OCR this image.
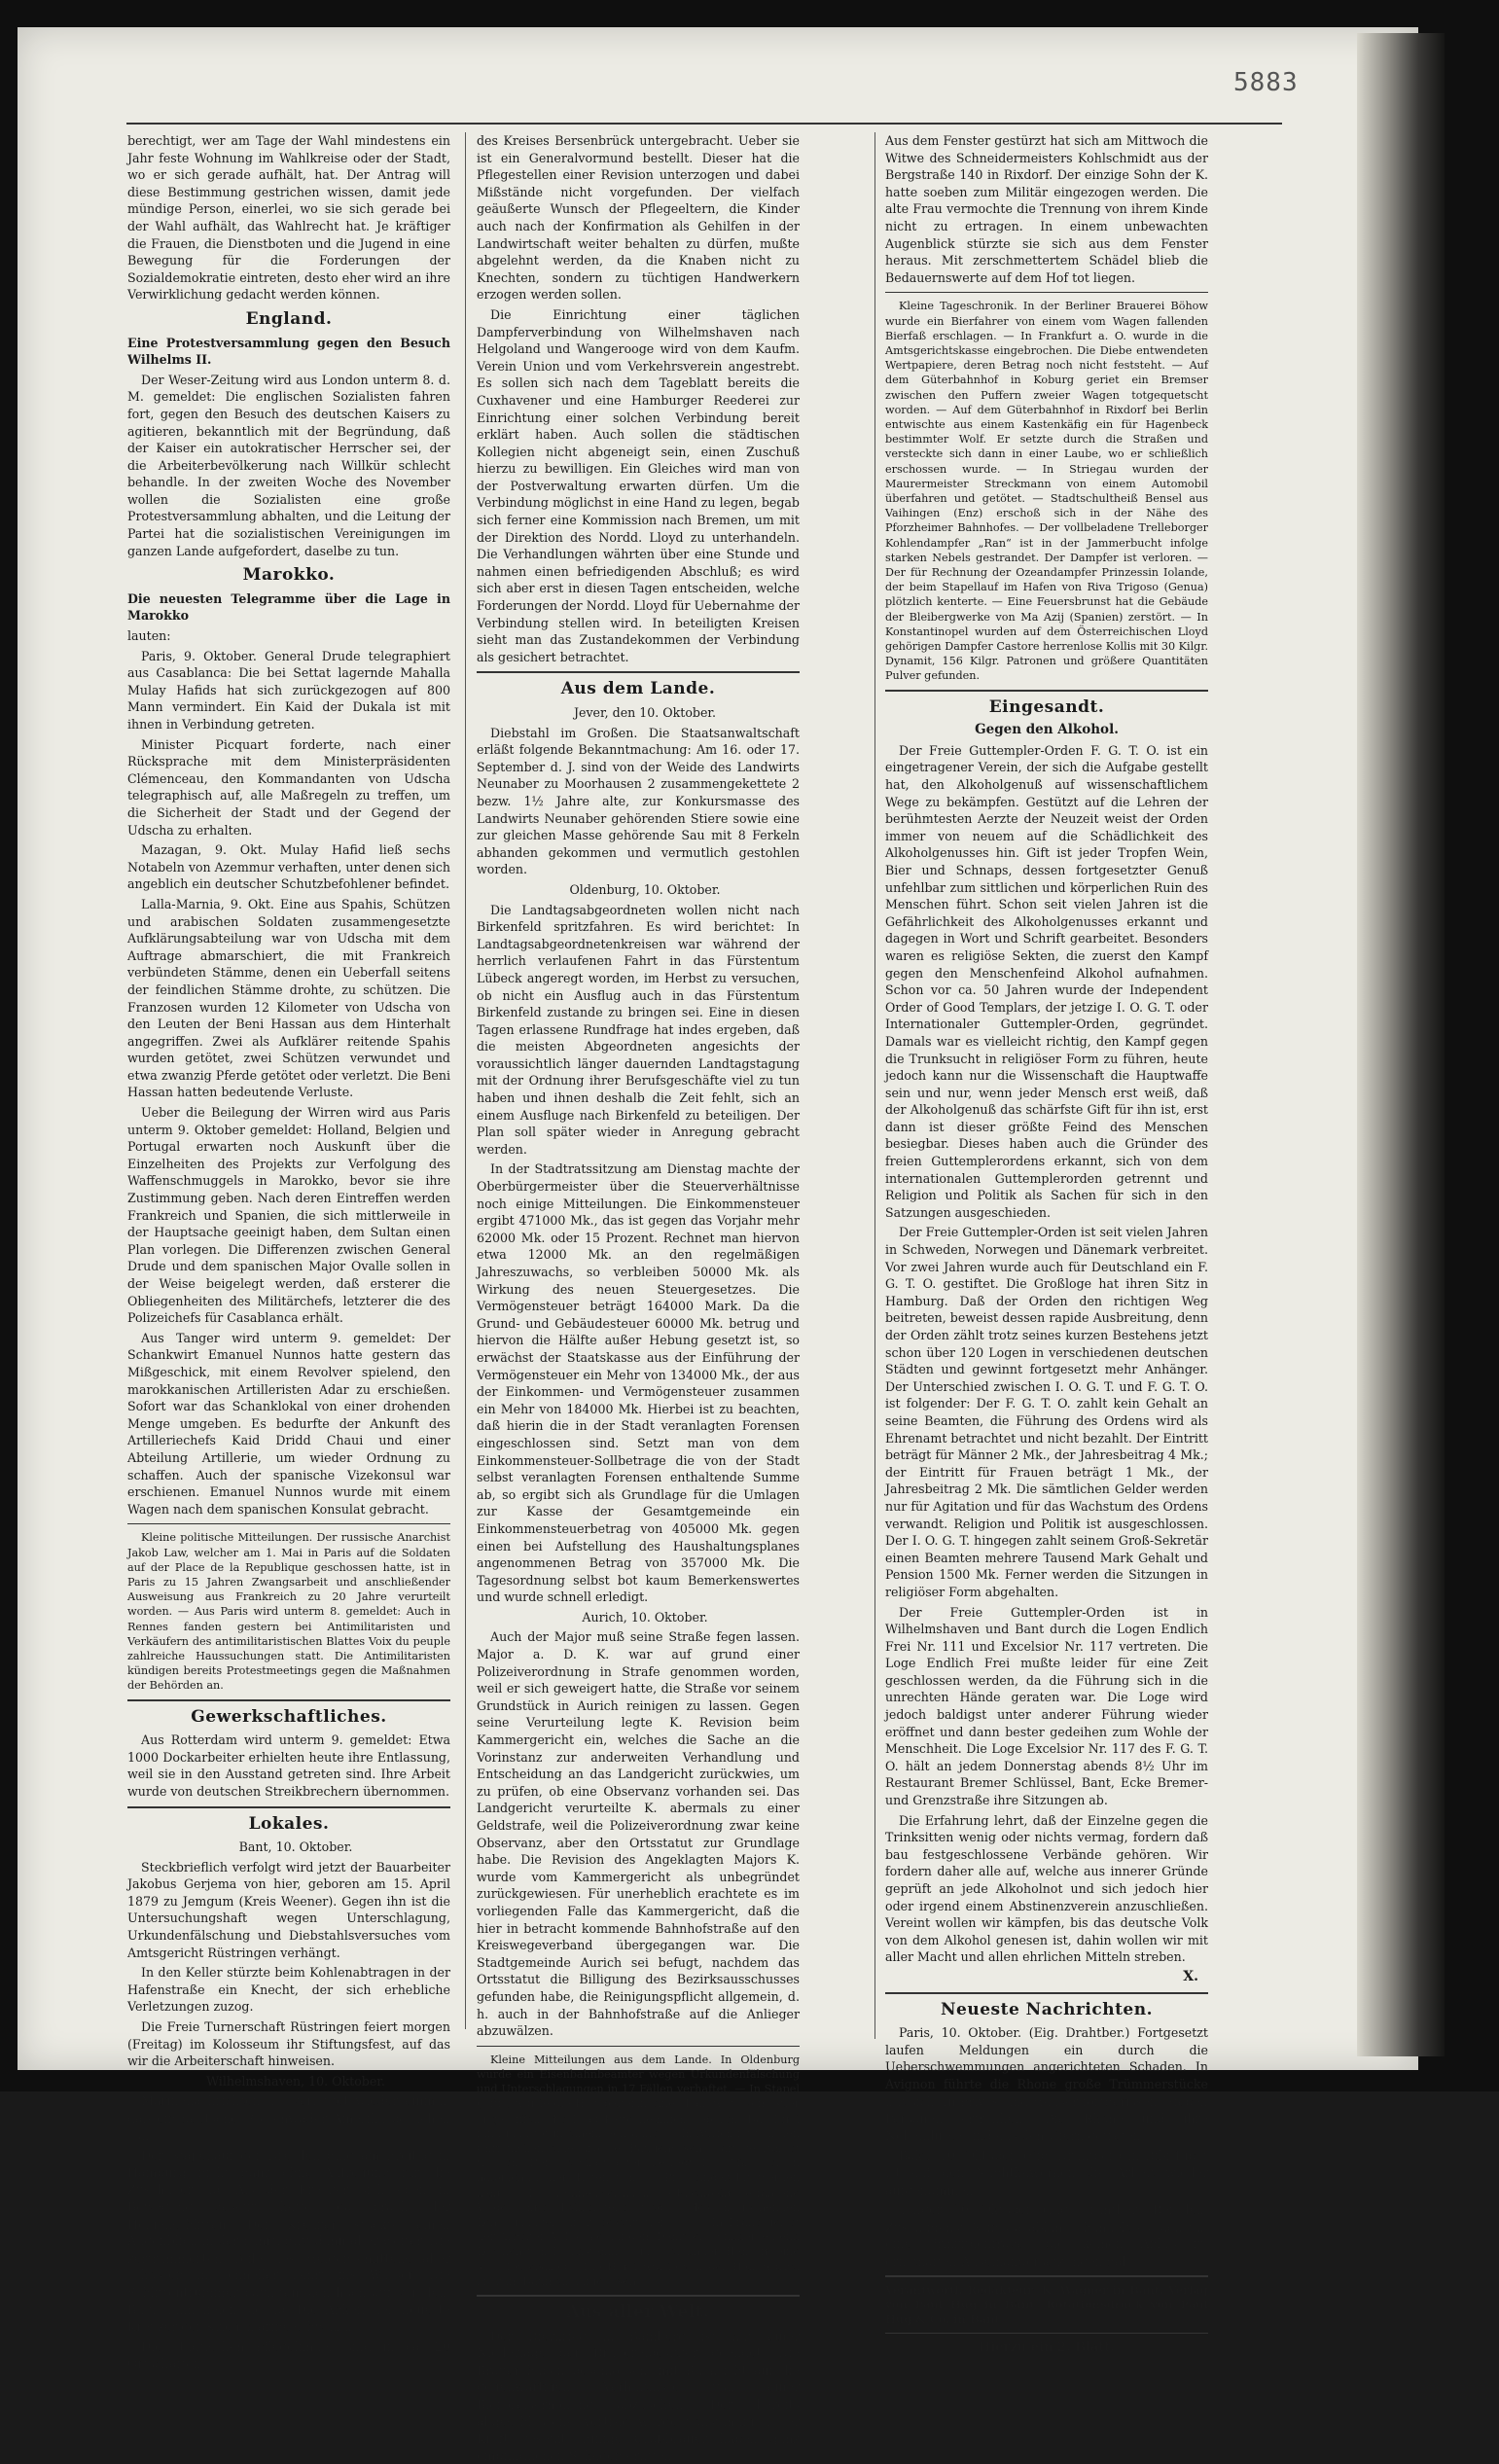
5883

berechtigt, wer am Tage der Wahl mindestens ein Jahr feste Wohnung im Wahlkreise oder der Stadt, wo er sich gerade aufhält, hat. Der Antrag will diese Bestimmung gestrichen wissen, damit jede mündige Person, einerlei, wo sie sich gerade bei der Wahl aufhält, das Wahlrecht hat. Je kräftiger die Frauen, die Dienstboten und die Jugend in eine Bewegung für die Forderungen der Sozialdemokratie eintreten, desto eher wird an ihre Verwirklichung gedacht werden können.

England.

Eine Protestversammlung gegen den Besuch Wilhelms II.

Der Weser-Zeitung wird aus London unterm 8. d. M. gemeldet: Die englischen Sozialisten fahren fort, gegen den Besuch des deutschen Kaisers zu agitieren, bekanntlich mit der Begründung, daß der Kaiser ein autokratischer Herrscher sei, der die Arbeiterbevölkerung nach Willkür schlecht behandle. In der zweiten Woche des November wollen die Sozialisten eine große Protestversammlung abhalten, und die Leitung der Partei hat die sozialistischen Vereinigungen im ganzen Lande aufgefordert, daselbe zu tun.

Marokko.

Die neuesten Telegramme über die Lage in Marokko

lauten:

Paris, 9. Oktober. General Drude telegraphiert aus Casablanca: Die bei Settat lagernde Mahalla Mulay Hafids hat sich zurückgezogen auf 800 Mann vermindert. Ein Kaid der Dukala ist mit ihnen in Verbindung getreten.

Minister Picquart forderte, nach einer Rücksprache mit dem Ministerpräsidenten Clémenceau, den Kommandanten von Udscha telegraphisch auf, alle Maßregeln zu treffen, um die Sicherheit der Stadt und der Gegend der Udscha zu erhalten.

Mazagan, 9. Okt. Mulay Hafid ließ sechs Notabeln von Azemmur verhaften, unter denen sich angeblich ein deutscher Schutzbefohlener befindet.

Lalla-Marnia, 9. Okt. Eine aus Spahis, Schützen und arabischen Soldaten zusammengesetzte Aufklärungsabteilung war von Udscha mit dem Auftrage abmarschiert, die mit Frankreich verbündeten Stämme, denen ein Ueberfall seitens der feindlichen Stämme drohte, zu schützen. Die Franzosen wurden 12 Kilometer von Udscha von den Leuten der Beni Hassan aus dem Hinterhalt angegriffen. Zwei als Aufklärer reitende Spahis wurden getötet, zwei Schützen verwundet und etwa zwanzig Pferde getötet oder verletzt. Die Beni Hassan hatten bedeutende Verluste.

Ueber die Beilegung der Wirren wird aus Paris unterm 9. Oktober gemeldet: Holland, Belgien und Portugal erwarten noch Auskunft über die Einzelheiten des Projekts zur Verfolgung des Waffenschmuggels in Marokko, bevor sie ihre Zustimmung geben. Nach deren Eintreffen werden Frankreich und Spanien, die sich mittlerweile in der Hauptsache geeinigt haben, dem Sultan einen Plan vorlegen. Die Differenzen zwischen General Drude und dem spanischen Major Ovalle sollen in der Weise beigelegt werden, daß ersterer die Obliegenheiten des Militärchefs, letzterer die des Polizeichefs für Casablanca erhält.

Aus Tanger wird unterm 9. gemeldet: Der Schankwirt Emanuel Nunnos hatte gestern das Mißgeschick, mit einem Revolver spielend, den marokkanischen Artilleristen Adar zu erschießen. Sofort war das Schanklokal von einer drohenden Menge umgeben. Es bedurfte der Ankunft des Artilleriechefs Kaid Dridd Chaui und einer Abteilung Artillerie, um wieder Ordnung zu schaffen. Auch der spanische Vizekonsul war erschienen. Emanuel Nunnos wurde mit einem Wagen nach dem spanischen Konsulat gebracht.

Kleine politische Mitteilungen. Der russische Anarchist Jakob Law, welcher am 1. Mai in Paris auf die Soldaten auf der Place de la Republique geschossen hatte, ist in Paris zu 15 Jahren Zwangsarbeit und anschließender Ausweisung aus Frankreich zu 20 Jahre verurteilt worden. — Aus Paris wird unterm 8. gemeldet: Auch in Rennes fanden gestern bei Antimilitaristen und Verkäufern des antimilitaristischen Blattes Voix du peuple zahlreiche Haussuchungen statt. Die Antimilitaristen kündigen bereits Protestmeetings gegen die Maßnahmen der Behörden an.

Gewerkschaftliches.

Aus Rotterdam wird unterm 9. gemeldet: Etwa 1000 Dockarbeiter erhielten heute ihre Entlassung, weil sie in den Ausstand getreten sind. Ihre Arbeit wurde von deutschen Streikbrechern übernommen.

Lokales.

Bant, 10. Oktober.

Steckbrieflich verfolgt wird jetzt der Bauarbeiter Jakobus Gerjema von hier, geboren am 15. April 1879 zu Jemgum (Kreis Weener). Gegen ihn ist die Untersuchungshaft wegen Unterschlagung, Urkundenfälschung und Diebstahlsversuches vom Amtsgericht Rüstringen verhängt.

In den Keller stürzte beim Kohlenabtragen in der Hafenstraße ein Knecht, der sich erhebliche Verletzungen zuzog.

Die Freie Turnerschaft Rüstringen feiert morgen (Freitag) im Kolosseum ihr Stiftungsfest, auf das wir die Arbeiterschaft hinweisen.

Wilhelmshaven, 10. Oktober.

Marinenachrichten. Es verlautet wieder einmal, daß ein deutsches Geschwader Amerika besuchen soll.

Der Stapellauf der Dresden ging am Freitag in Hamburg nicht ganz ohne Aufregung für die Zuschauer ab. Als der Kreuzer sich eben in Bewegung gesetzt hatte, da brach der Helgenschlitten. Der Kreuzer stockte einen Augenblick in der Fahrt, glitt dann aber weiter. Die zertrümmerten Teile des Helgenschlittens aber schossen in schneller Fahrt ins Wasser. Die Schlittentrümmer bäumten sich hoch auf vor dem Bug, dann fielen sie ab. Die Anker, der neueste Kreuzer der Kriegsmarine schwamm.

Die städtischen Pflegekinder sind in ca. 20 Ortschaften

des Kreises Bersenbrück untergebracht. Ueber sie ist ein Generalvormund bestellt. Dieser hat die Pflegestellen einer Revision unterzogen und dabei Mißstände nicht vorgefunden. Der vielfach geäußerte Wunsch der Pflegeeltern, die Kinder auch nach der Konfirmation als Gehilfen in der Landwirtschaft weiter behalten zu dürfen, mußte abgelehnt werden, da die Knaben nicht zu Knechten, sondern zu tüchtigen Handwerkern erzogen werden sollen.

Die Einrichtung einer täglichen Dampferverbindung von Wilhelmshaven nach Helgoland und Wangerooge wird von dem Kaufm. Verein Union und vom Verkehrsverein angestrebt. Es sollen sich nach dem Tageblatt bereits die Cuxhavener und eine Hamburger Reederei zur Einrichtung einer solchen Verbindung bereit erklärt haben. Auch sollen die städtischen Kollegien nicht abgeneigt sein, einen Zuschuß hierzu zu bewilligen. Ein Gleiches wird man von der Postverwaltung erwarten dürfen. Um die Verbindung möglichst in eine Hand zu legen, begab sich ferner eine Kommission nach Bremen, um mit der Direktion des Nordd. Lloyd zu unterhandeln. Die Verhandlungen währten über eine Stunde und nahmen einen befriedigenden Abschluß; es wird sich aber erst in diesen Tagen entscheiden, welche Forderungen der Nordd. Lloyd für Uebernahme der Verbindung stellen wird. In beteiligten Kreisen sieht man das Zustandekommen der Verbindung als gesichert betrachtet.

Aus dem Lande.

Jever, den 10. Oktober.

Diebstahl im Großen. Die Staatsanwaltschaft erläßt folgende Bekanntmachung: Am 16. oder 17. September d. J. sind von der Weide des Landwirts Neunaber zu Moorhausen 2 zusammengekettete 2 bezw. 1½ Jahre alte, zur Konkursmasse des Landwirts Neunaber gehörenden Stiere sowie eine zur gleichen Masse gehörende Sau mit 8 Ferkeln abhanden gekommen und vermutlich gestohlen worden.

Oldenburg, 10. Oktober.

Die Landtagsabgeordneten wollen nicht nach Birkenfeld spritzfahren. Es wird berichtet: In Landtagsabgeordnetenkreisen war während der herrlich verlaufenen Fahrt in das Fürstentum Lübeck angeregt worden, im Herbst zu versuchen, ob nicht ein Ausflug auch in das Fürstentum Birkenfeld zustande zu bringen sei. Eine in diesen Tagen erlassene Rundfrage hat indes ergeben, daß die meisten Abgeordneten angesichts der voraussichtlich länger dauernden Landtagstagung mit der Ordnung ihrer Berufsgeschäfte viel zu tun haben und ihnen deshalb die Zeit fehlt, sich an einem Ausfluge nach Birkenfeld zu beteiligen. Der Plan soll später wieder in Anregung gebracht werden.

In der Stadtratssitzung am Dienstag machte der Oberbürgermeister über die Steuerverhältnisse noch einige Mitteilungen. Die Einkommensteuer ergibt 471000 Mk., das ist gegen das Vorjahr mehr 62000 Mk. oder 15 Prozent. Rechnet man hiervon etwa 12000 Mk. an den regelmäßigen Jahreszuwachs, so verbleiben 50000 Mk. als Wirkung des neuen Steuergesetzes. Die Vermögensteuer beträgt 164000 Mark. Da die Grund- und Gebäudesteuer 60000 Mk. betrug und hiervon die Hälfte außer Hebung gesetzt ist, so erwächst der Staatskasse aus der Einführung der Vermögensteuer ein Mehr von 134000 Mk., der aus der Einkommen- und Vermögensteuer zusammen ein Mehr von 184000 Mk. Hierbei ist zu beachten, daß hierin die in der Stadt veranlagten Forensen eingeschlossen sind. Setzt man von dem Einkommensteuer-Sollbetrage die von der Stadt selbst veranlagten Forensen enthaltende Summe ab, so ergibt sich als Grundlage für die Umlagen zur Kasse der Gesamtgemeinde ein Einkommensteuerbetrag von 405000 Mk. gegen einen bei Aufstellung des Haushaltungsplanes angenommenen Betrag von 357000 Mk. Die Tagesordnung selbst bot kaum Bemerkenswertes und wurde schnell erledigt.

Aurich, 10. Oktober.

Auch der Major muß seine Straße fegen lassen. Major a. D. K. war auf grund einer Polizeiverordnung in Strafe genommen worden, weil er sich geweigert hatte, die Straße vor seinem Grundstück in Aurich reinigen zu lassen. Gegen seine Verurteilung legte K. Revision beim Kammergericht ein, welches die Sache an die Vorinstanz zur anderweiten Verhandlung und Entscheidung an das Landgericht zurückwies, um zu prüfen, ob eine Observanz vorhanden sei. Das Landgericht verurteilte K. abermals zu einer Geldstrafe, weil die Polizeiverordnung zwar keine Observanz, aber den Ortsstatut zur Grundlage habe. Die Revision des Angeklagten Majors K. wurde vom Kammergericht als unbegründet zurückgewiesen. Für unerheblich erachtete es im vorliegenden Falle das Kammergericht, daß die hier in betracht kommende Bahnhofstraße auf den Kreiswegeverband übergegangen war. Die Stadtgemeinde Aurich sei befugt, nachdem das Ortsstatut die Billigung des Bezirksausschusses gefunden habe, die Reinigungspflicht allgemein, d. h. auch in der Bahnhofstraße auf die Anlieger abzuwälzen.

Kleine Mitteilungen aus dem Lande. In Oldenburg wurde ein Eisenbahnbeamter wegen Urkundenfälschung und Unterschlagungen in 17 Fällen verhaftet. — In Stapel (Oftr.) wurde die Hausbälterin eines Landwirts vom Stier angegriffen, die Frau hatte heimlich geboren. Das Kind fand man tot in einem Schranke. — In Aurich ist von den Christlichen eine Arbeiter-Baugenossenschaft gegründet worden. Der Geschäftsanteil beträgt 100 Mk., der in halbmonatlichen Raten von 50 Pfg. eingezahlt werden kann. — In Carolinensiel kann die Eisenbahn verfahrene Wege ohne Lehrerstelle wegen des herrschenden Lehrermangels nicht besetzt werden. — In Brake geriet der Arbeiter A. Loerke auf dem Dampfer Commerce beim Löschen von Baumstämmen mit der linken Hand in eine sog. Teufelsklaue. Die Hand wurde von der Handwurzel bis zum Daumen aufgerissen.

Aus aller Welt.

Der Bierkrieg in Bamberg ist mit einer Niederlage der Brauereibesitzer geendet. Die Brauer haben beschlossen, mit Rücksicht auf die gegenwärtigen Verhältnisse von einer Bierpreiserhöhung abzusehen. Der bereits abgeschlossene Vertrag wurde vollständig außer Kraft gesetzt. Einige Großbrauer haben ganz empfindlichen Schaden erlitten.

Aus dem Fenster gestürzt hat sich am Mittwoch die Witwe des Schneidermeisters Kohlschmidt aus der Bergstraße 140 in Rixdorf. Der einzige Sohn der K. hatte soeben zum Militär eingezogen werden. Die alte Frau vermochte die Trennung von ihrem Kinde nicht zu ertragen. In einem unbewachten Augenblick stürzte sie sich aus dem Fenster heraus. Mit zerschmettertem Schädel blieb die Bedauernswerte auf dem Hof tot liegen.

Kleine Tageschronik. In der Berliner Brauerei Böhow wurde ein Bierfahrer von einem vom Wagen fallenden Bierfaß erschlagen. — In Frankfurt a. O. wurde in die Amtsgerichtskasse eingebrochen. Die Diebe entwendeten Wertpapiere, deren Betrag noch nicht feststeht. — Auf dem Güterbahnhof in Koburg geriet ein Bremser zwischen den Puffern zweier Wagen totgequetscht worden. — Auf dem Güterbahnhof in Rixdorf bei Berlin entwischte aus einem Kastenkäfig ein für Hagenbeck bestimmter Wolf. Er setzte durch die Straßen und versteckte sich dann in einer Laube, wo er schließlich erschossen wurde. — In Striegau wurden der Maurermeister Streckmann von einem Automobil überfahren und getötet. — Stadtschultheiß Bensel aus Vaihingen (Enz) erschoß sich in der Nähe des Pforzheimer Bahnhofes. — Der vollbeladene Trelleborger Kohlendampfer „Ran“ ist in der Jammerbucht infolge starken Nebels gestrandet. Der Dampfer ist verloren. — Der für Rechnung der Ozeandampfer Prinzessin Iolande, der beim Stapellauf im Hafen von Riva Trigoso (Genua) plötzlich kenterte. — Eine Feuersbrunst hat die Gebäude der Bleibergwerke von Ma Azij (Spanien) zerstört. — In Konstantinopel wurden auf dem Österreichischen Lloyd gehörigen Dampfer Castore herrenlose Kollis mit 30 Kilgr. Dynamit, 156 Kilgr. Patronen und größere Quantitäten Pulver gefunden.

Eingesandt.
Gegen den Alkohol.

Der Freie Guttempler-Orden F. G. T. O. ist ein eingetragener Verein, der sich die Aufgabe gestellt hat, den Alkoholgenuß auf wissenschaftlichem Wege zu bekämpfen. Gestützt auf die Lehren der berühmtesten Aerzte der Neuzeit weist der Orden immer von neuem auf die Schädlichkeit des Alkoholgenusses hin. Gift ist jeder Tropfen Wein, Bier und Schnaps, dessen fortgesetzter Genuß unfehlbar zum sittlichen und körperlichen Ruin des Menschen führt. Schon seit vielen Jahren ist die Gefährlichkeit des Alkoholgenusses erkannt und dagegen in Wort und Schrift gearbeitet. Besonders waren es religiöse Sekten, die zuerst den Kampf gegen den Menschenfeind Alkohol aufnahmen. Schon vor ca. 50 Jahren wurde der Independent Order of Good Templars, der jetzige I. O. G. T. oder Internationaler Guttempler-Orden, gegründet. Damals war es vielleicht richtig, den Kampf gegen die Trunksucht in religiöser Form zu führen, heute jedoch kann nur die Wissenschaft die Hauptwaffe sein und nur, wenn jeder Mensch erst weiß, daß der Alkoholgenuß das schärfste Gift für ihn ist, erst dann ist dieser größte Feind des Menschen besiegbar. Dieses haben auch die Gründer des freien Guttemplerordens erkannt, sich von dem internationalen Guttemplerorden getrennt und Religion und Politik als Sachen für sich in den Satzungen ausgeschieden.

Der Freie Guttempler-Orden ist seit vielen Jahren in Schweden, Norwegen und Dänemark verbreitet. Vor zwei Jahren wurde auch für Deutschland ein F. G. T. O. gestiftet. Die Großloge hat ihren Sitz in Hamburg. Daß der Orden den richtigen Weg beitreten, beweist dessen rapide Ausbreitung, denn der Orden zählt trotz seines kurzen Bestehens jetzt schon über 120 Logen in verschiedenen deutschen Städten und gewinnt fortgesetzt mehr Anhänger. Der Unterschied zwischen I. O. G. T. und F. G. T. O. ist folgender: Der F. G. T. O. zahlt kein Gehalt an seine Beamten, die Führung des Ordens wird als Ehrenamt betrachtet und nicht bezahlt. Der Eintritt beträgt für Männer 2 Mk., der Jahresbeitrag 4 Mk.; der Eintritt für Frauen beträgt 1 Mk., der Jahresbeitrag 2 Mk. Die sämtlichen Gelder werden nur für Agitation und für das Wachstum des Ordens verwandt. Religion und Politik ist ausgeschlossen. Der I. O. G. T. hingegen zahlt seinem Groß-Sekretär einen Beamten mehrere Tausend Mark Gehalt und Pension 1500 Mk. Ferner werden die Sitzungen in religiöser Form abgehalten.

Der Freie Guttempler-Orden ist in Wilhelmshaven und Bant durch die Logen Endlich Frei Nr. 111 und Excelsior Nr. 117 vertreten. Die Loge Endlich Frei mußte leider für eine Zeit geschlossen werden, da die Führung sich in die unrechten Hände geraten war. Die Loge wird jedoch baldigst unter anderer Führung wieder eröffnet und dann bester gedeihen zum Wohle der Menschheit. Die Loge Excelsior Nr. 117 des F. G. T. O. hält an jedem Donnerstag abends 8½ Uhr im Restaurant Bremer Schlüssel, Bant, Ecke Bremer- und Grenzstraße ihre Sitzungen ab.

Die Erfahrung lehrt, daß der Einzelne gegen die Trinksitten wenig oder nichts vermag, fordern daß bau festgeschlossene Verbände gehören. Wir fordern daher alle auf, welche aus innerer Gründe geprüft an jede Alkoholnot und sich jedoch hier oder irgend einem Abstinenzverein anzuschließen. Vereint wollen wir kämpfen, bis das deutsche Volk von dem Alkohol genesen ist, dahin wollen wir mit aller Macht und allen ehrlichen Mitteln streben.

X.
Neueste Nachrichten.

Paris, 10. Oktober. (Eig. Drahtber.) Fortgesetzt laufen Meldungen ein durch die Ueberschwemmungen angerichteten Schaden. In Avignon führte die Rhone große Trümmerstücke mit sich. In Privas sind Häuser fortgerissen. Sieben Personen ertranken. Die Rhone und ihre Nebenflüsse sind aus den Ufern getreten.

Baku, 10. Oktober. (Eig. Drahtber.) In Bibi Eibat ist auf den Naphthawerken die Arbeit wieder aufgenommen.

Tanger, 10. Oktober. (Eig. Drahtber.) Bei dem Zusammenstoß in Casablanca handelt es sich um eine Prinzipienfrage, die keinen Anlaß zu ernsthaften Auseinandersetzungen gab.

Verantwortl. Redakteur: K. Wagner in Bant. Verlag von Paul Hug in Bant. Rotationsdruck von Paul Hug & Co. in Bant.
Hierzu ein 2. Blatt.
